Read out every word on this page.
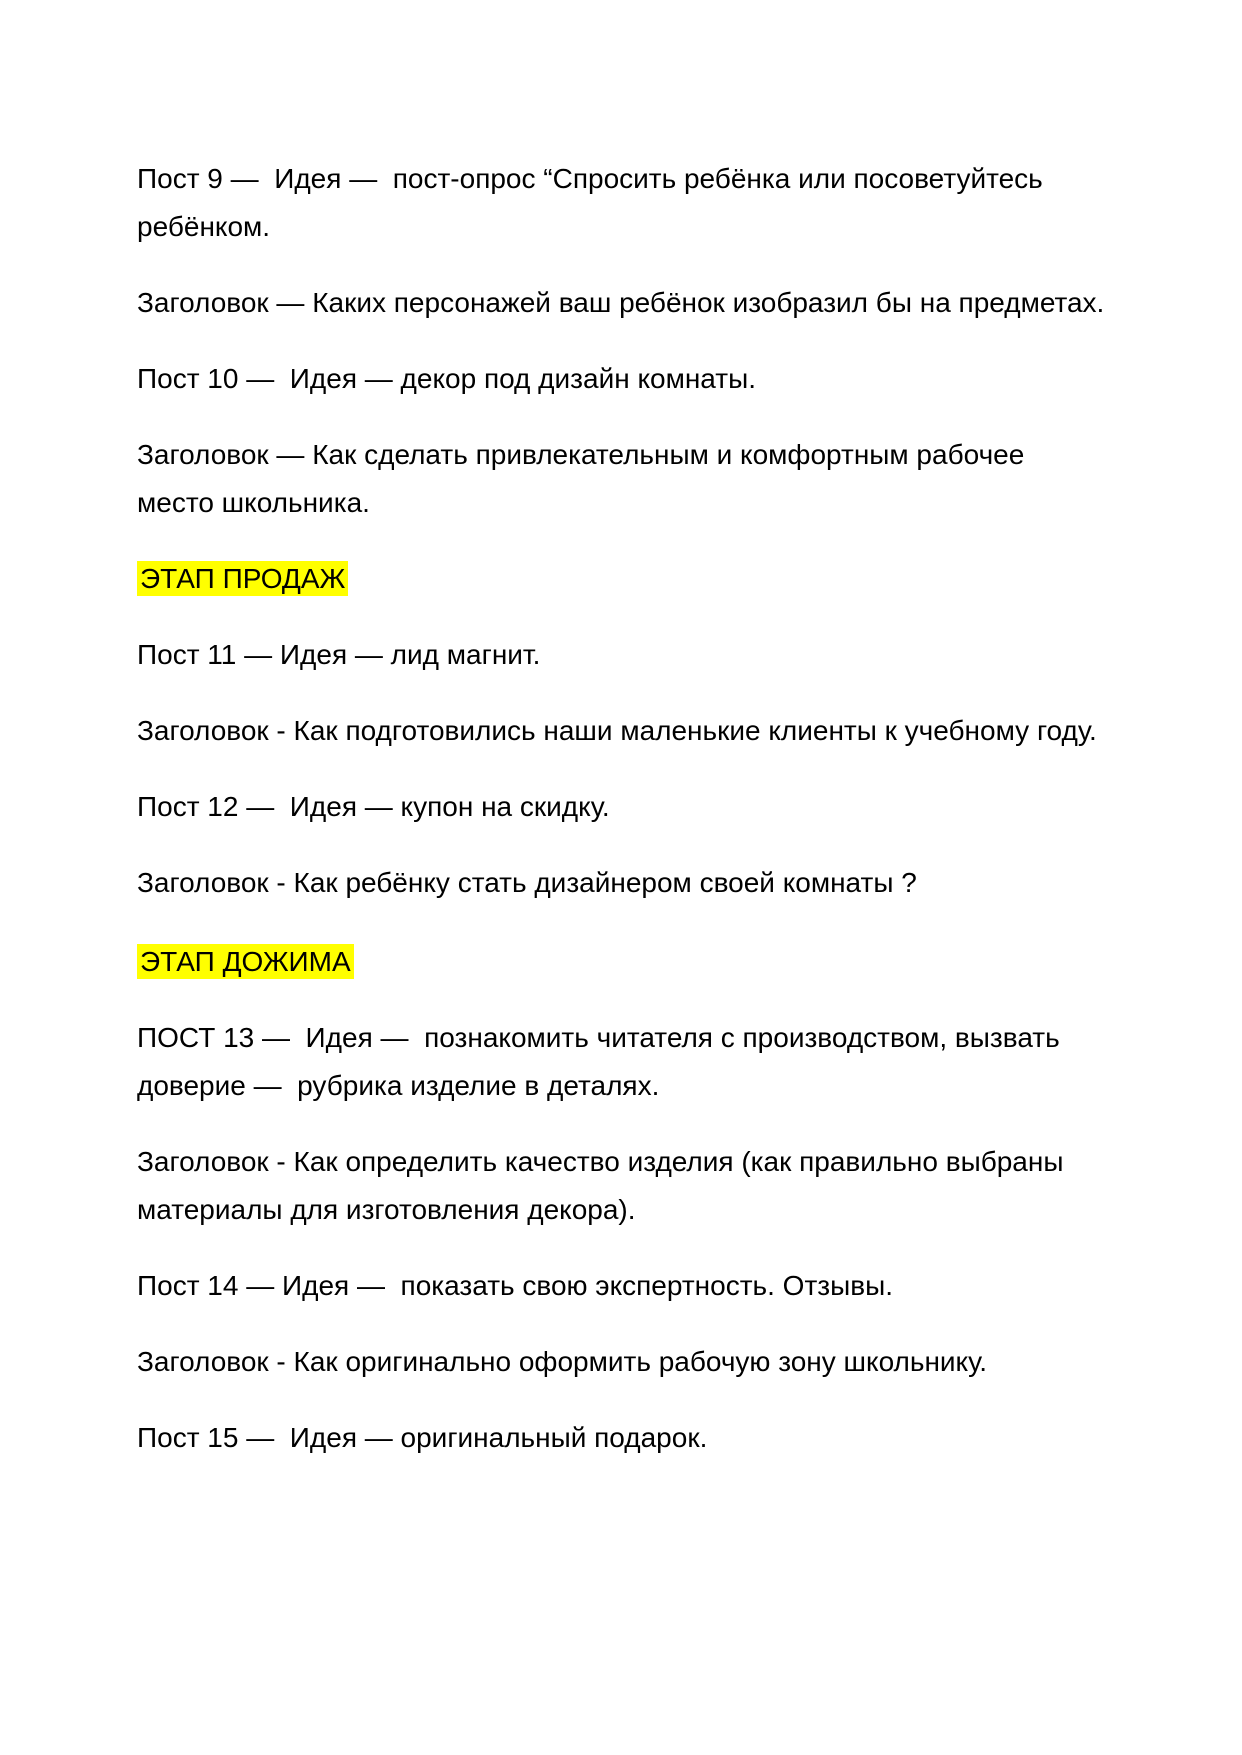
Пост 9 —  Идея —  пост-опрос “Спросить ребёнка или посоветуйтесь ребёнком.

Заголовок — Каких персонажей ваш ребёнок изобразил бы на предметах.

Пост 10 —  Идея — декор под дизайн комнаты.

Заголовок — Как сделать привлекательным и комфортным рабочее место школьника.

ЭТАП ПРОДАЖ

Пост 11 — Идея — лид магнит.

Заголовок - Как подготовились наши маленькие клиенты к учебному году.

Пост 12 —  Идея — купон на скидку.

Заголовок - Как ребёнку стать дизайнером своей комнаты ?

ЭТАП ДОЖИМА

ПОСТ 13 —  Идея —  познакомить читателя с производством, вызвать доверие —  рубрика изделие в деталях.

Заголовок - Как определить качество изделия (как правильно выбраны материалы для изготовления декора).

Пост 14 — Идея —  показать свою экспертность. Отзывы.

Заголовок - Как оригинально оформить рабочую зону школьнику.

Пост 15 —  Идея — оригинальный подарок.
